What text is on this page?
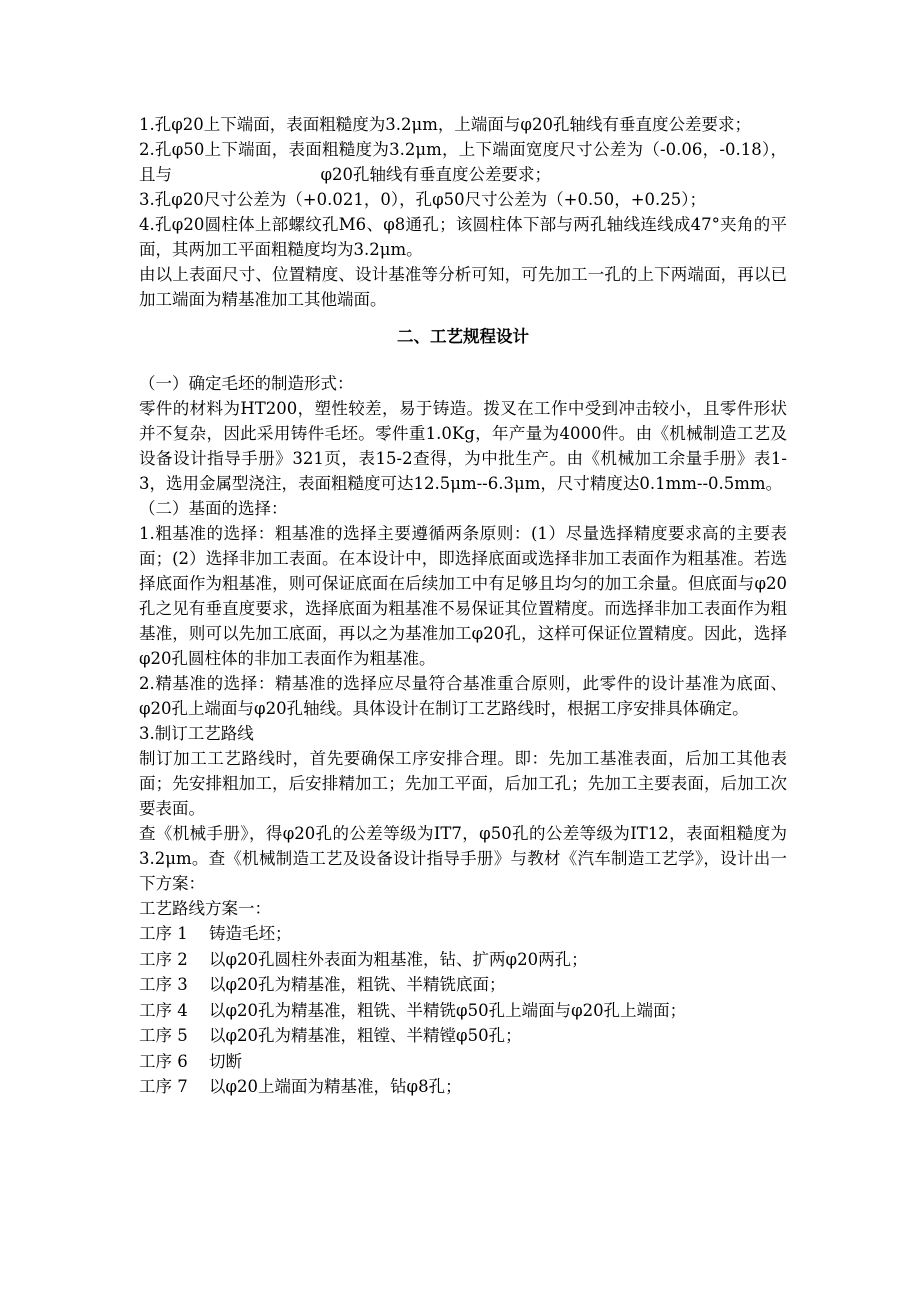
1.孔φ20上下端面，表面粗糙度为3.2μm，上端面与φ20孔轴线有垂直度公差要求；

2.孔φ50上下端面，表面粗糙度为3.2μm，上下端面宽度尺寸公差为（-0.06，-0.18），且与　　　　　　　　　φ20孔轴线有垂直度公差要求；

3.孔φ20尺寸公差为（+0.021，0），孔φ50尺寸公差为（+0.50，+0.25）；

4.孔φ20圆柱体上部螺纹孔M6、φ8通孔；该圆柱体下部与两孔轴线连线成47°夹角的平面，其两加工平面粗糙度均为3.2μm。

由以上表面尺寸、位置精度、设计基准等分析可知，可先加工一孔的上下两端面，再以已加工端面为精基准加工其他端面。

二、工艺规程设计

（一）确定毛坯的制造形式：

零件的材料为HT200，塑性较差，易于铸造。拨叉在工作中受到冲击较小，且零件形状并不复杂，因此采用铸件毛坯。零件重1.0Kg，年产量为4000件。由《机械制造工艺及设备设计指导手册》321页，表15-2查得，为中批生产。由《机械加工余量手册》表1-3，选用金属型浇注，表面粗糙度可达12.5μm--6.3μm，尺寸精度达0.1mm--0.5mm。

（二）基面的选择：

1.粗基准的选择：粗基准的选择主要遵循两条原则：(1）尽量选择精度要求高的主要表面；(2）选择非加工表面。在本设计中，即选择底面或选择非加工表面作为粗基准。若选择底面作为粗基准，则可保证底面在后续加工中有足够且均匀的加工余量。但底面与φ20孔之见有垂直度要求，选择底面为粗基准不易保证其位置精度。而选择非加工表面作为粗基准，则可以先加工底面，再以之为基准加工φ20孔，这样可保证位置精度。因此，选择φ20孔圆柱体的非加工表面作为粗基准。

2.精基准的选择：精基准的选择应尽量符合基准重合原则，此零件的设计基准为底面、φ20孔上端面与φ20孔轴线。具体设计在制订工艺路线时，根据工序安排具体确定。

3.制订工艺路线

制订加工工艺路线时，首先要确保工序安排合理。即：先加工基准表面，后加工其他表面；先安排粗加工，后安排精加工；先加工平面，后加工孔；先加工主要表面，后加工次要表面。

查《机械手册》，得φ20孔的公差等级为IT7，φ50孔的公差等级为IT12，表面粗糙度为3.2μm。查《机械制造工艺及设备设计指导手册》与教材《汽车制造工艺学》，设计出一下方案：

工艺路线方案一：

工序 1	铸造毛坯；
工序 2	以φ20孔圆柱外表面为粗基准，钻、扩两φ20两孔；
工序 3	以φ20孔为精基准，粗铣、半精铣底面；
工序 4	以φ20孔为精基准，粗铣、半精铣φ50孔上端面与φ20孔上端面；
工序 5	以φ20孔为精基准，粗镗、半精镗φ50孔；
工序 6	切断
工序 7	以φ20上端面为精基准，钻φ8孔；
